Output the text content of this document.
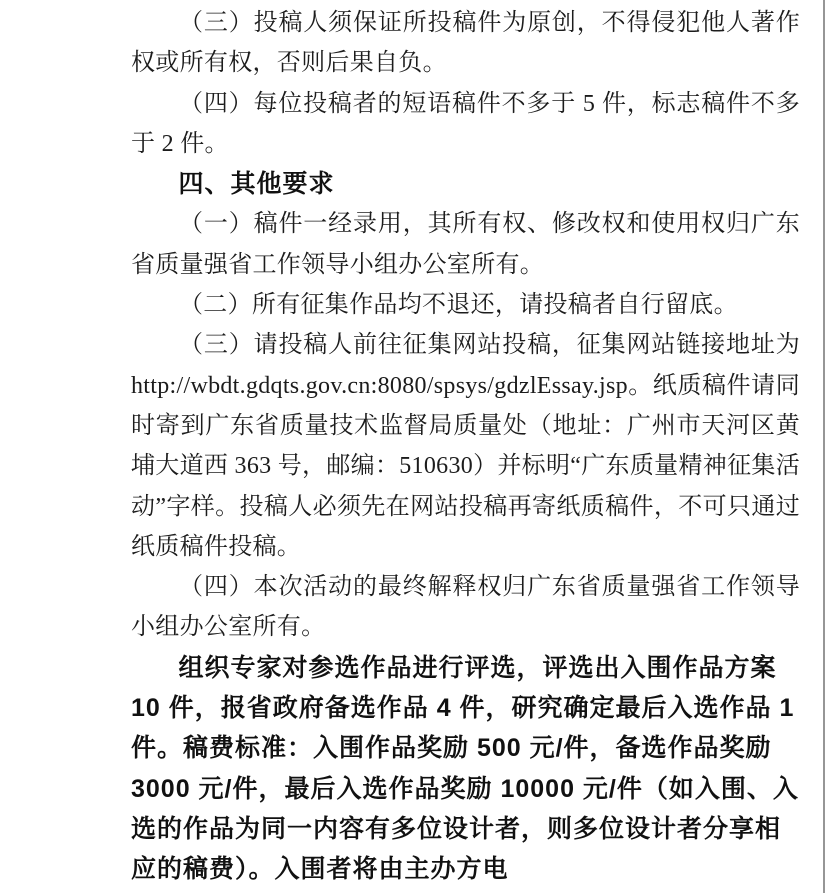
（三）投稿人须保证所投稿件为原创，不得侵犯他人著作权或所有权，否则后果自负。

（四）每位投稿者的短语稿件不多于 5 件，标志稿件不多于 2 件。

四、其他要求

（一）稿件一经录用，其所有权、修改权和使用权归广东省质量强省工作领导小组办公室所有。

（二）所有征集作品均不退还，请投稿者自行留底。

（三）请投稿人前往征集网站投稿，征集网站链接地址为 http://wbdt.gdqts.gov.cn:8080/spsys/gdzlEssay.jsp。纸质稿件请同时寄到广东省质量技术监督局质量处（地址：广州市天河区黄埔大道西 363 号，邮编：510630）并标明“广东质量精神征集活动”字样。投稿人必须先在网站投稿再寄纸质稿件，不可只通过纸质稿件投稿。

（四）本次活动的最终解释权归广东省质量强省工作领导小组办公室所有。

组织专家对参选作品进行评选，评选出入围作品方案 10 件，报省政府备选作品 4 件，研究确定最后入选作品 1 件。稿费标准：入围作品奖励 500 元/件，备选作品奖励 3000 元/件，最后入选作品奖励 10000 元/件（如入围、入选的作品为同一内容有多位设计者，则多位设计者分享相应的稿费）。入围者将由主办方电
